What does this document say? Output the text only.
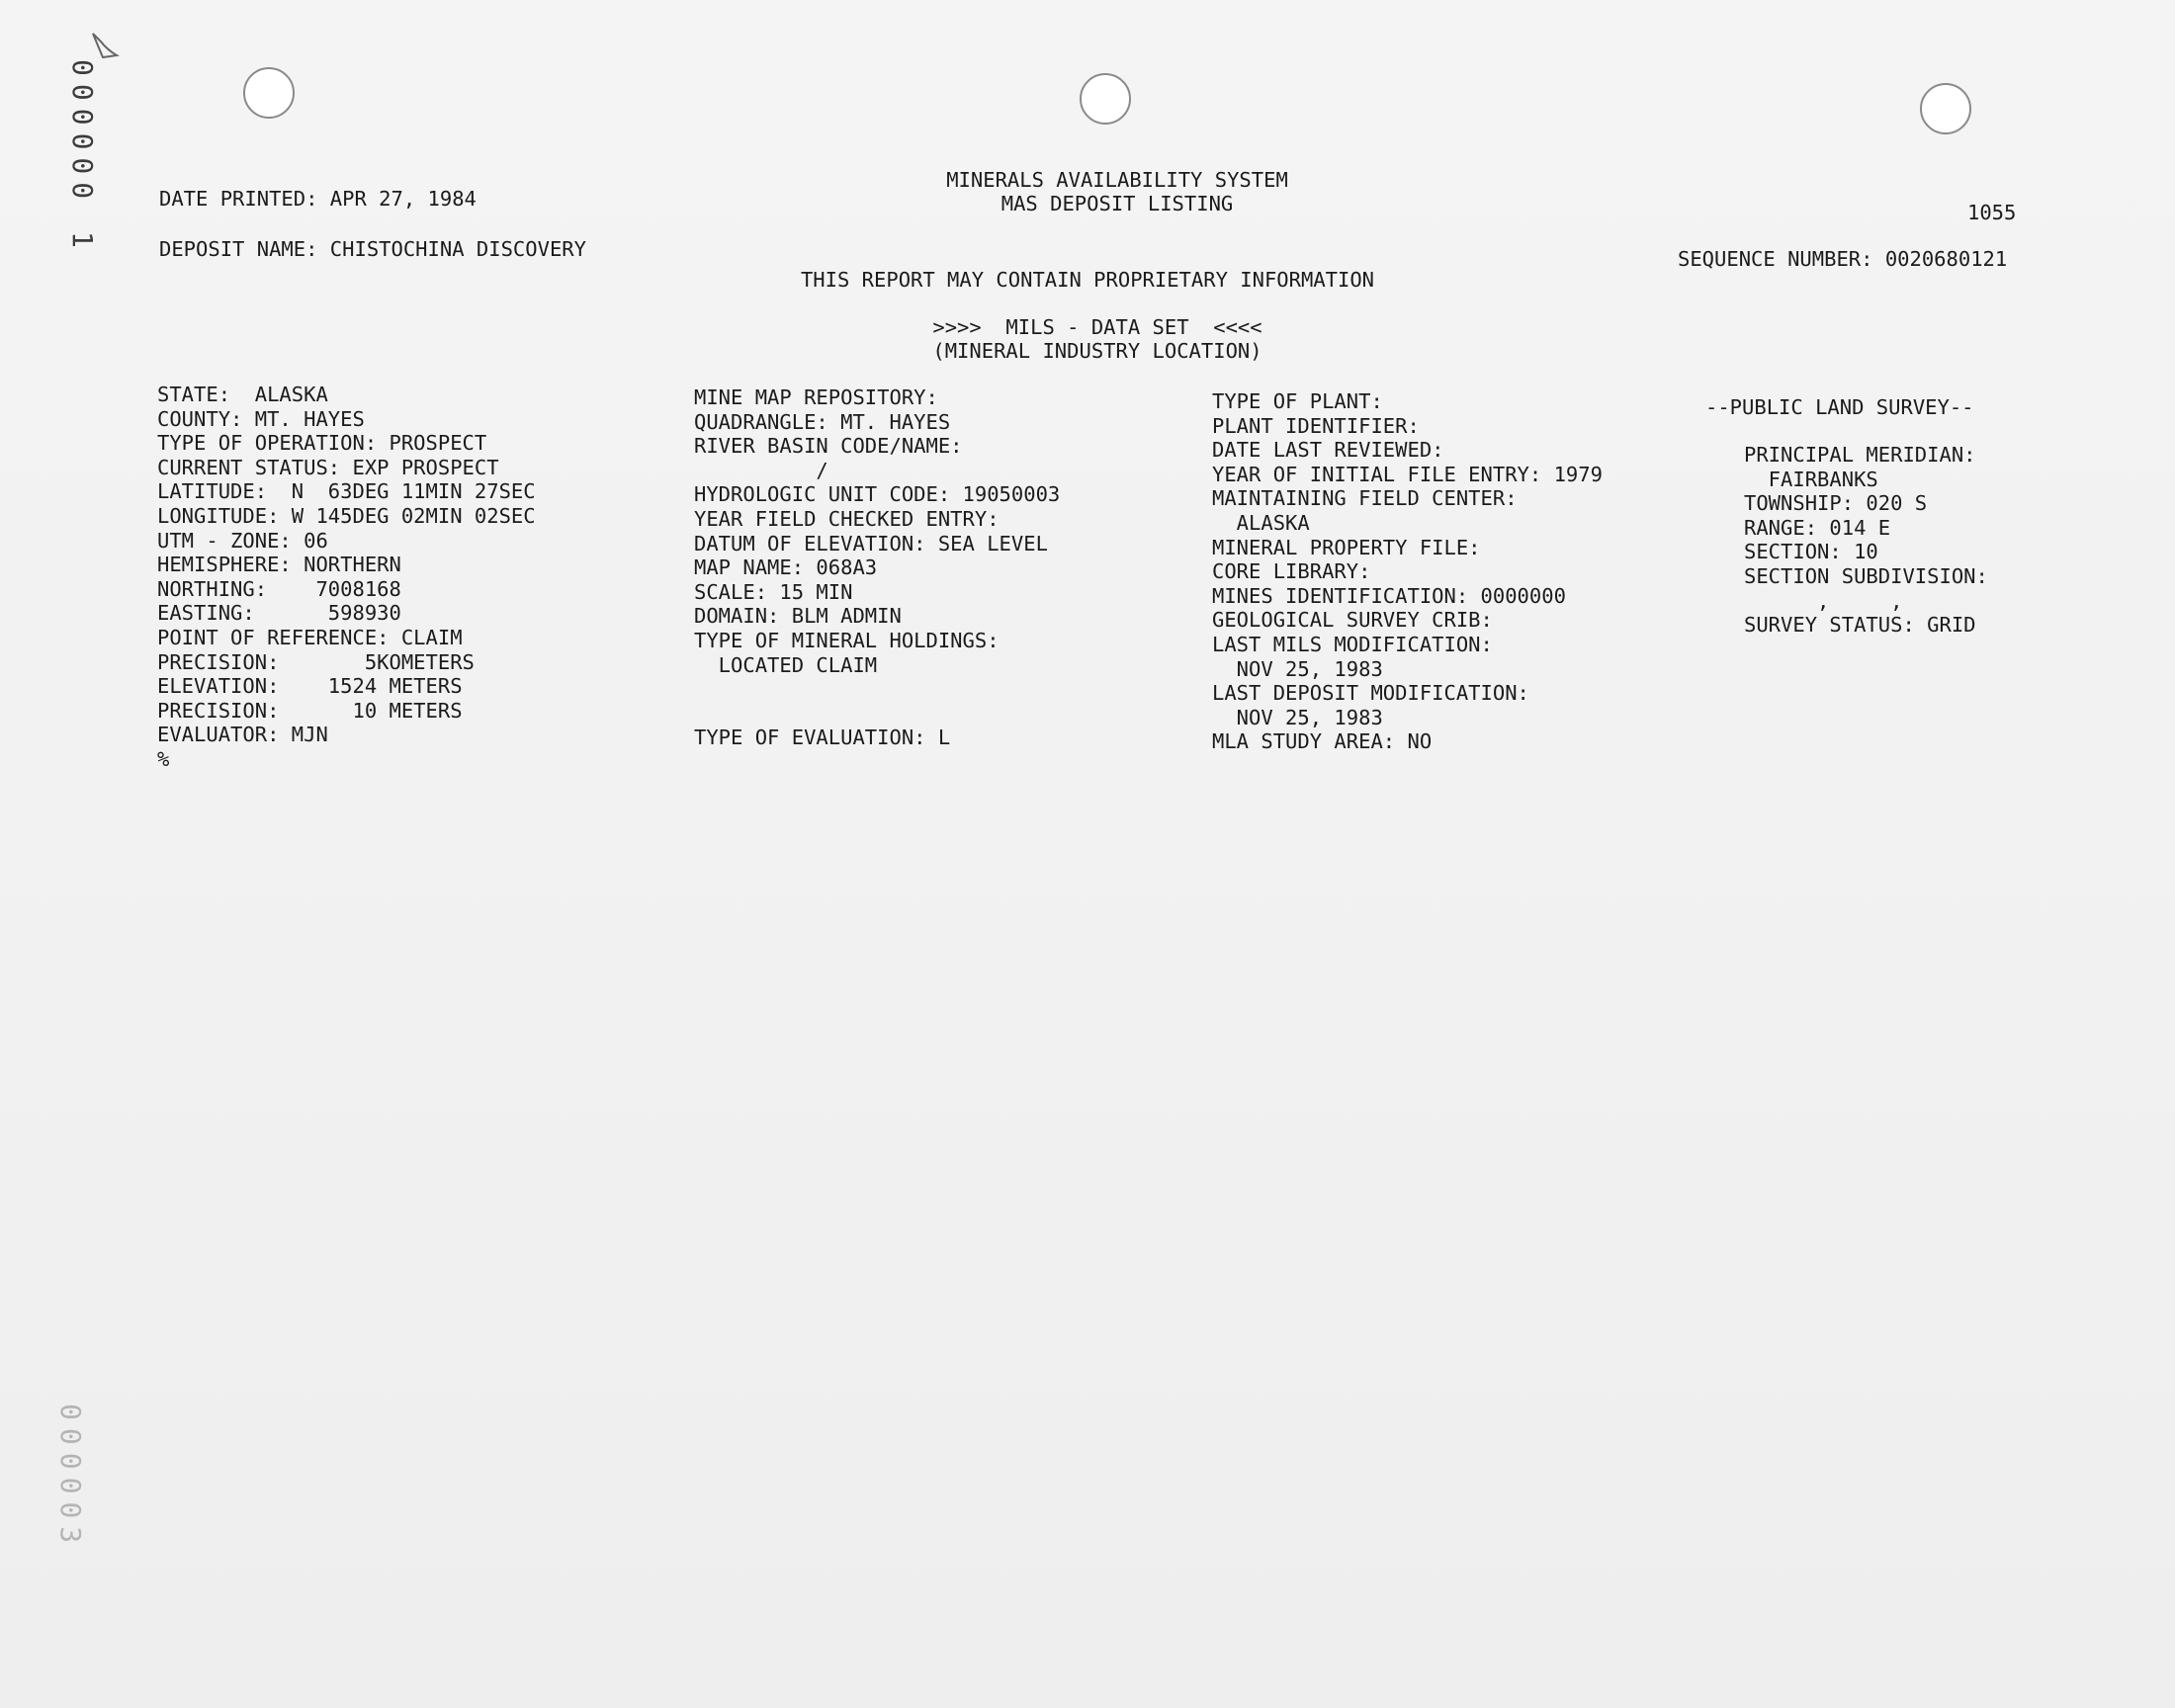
000000 1
000003
DATE PRINTED: APR 27, 1984
DEPOSIT NAME: CHISTOCHINA DISCOVERY
MINERALS AVAILABILITY SYSTEM
MAS DEPOSIT LISTING	1055
SEQUENCE NUMBER: 0020680121
THIS REPORT MAY CONTAIN PROPRIETARY INFORMATION
>>>>  MILS - DATA SET  <<<<
(MINERAL INDUSTRY LOCATION)
STATE:  ALASKA
COUNTY: MT. HAYES
TYPE OF OPERATION: PROSPECT
CURRENT STATUS: EXP PROSPECT
LATITUDE:  N  63DEG 11MIN 27SEC
LONGITUDE: W 145DEG 02MIN 02SEC
UTM - ZONE: 06
HEMISPHERE: NORTHERN
NORTHING:    7008168
EASTING:      598930
POINT OF REFERENCE: CLAIM
PRECISION:       5KOMETERS
ELEVATION:    1524 METERS
PRECISION:      10 METERS
EVALUATOR: MJN
%
MINE MAP REPOSITORY:
QUADRANGLE: MT. HAYES
RIVER BASIN CODE/NAME:
/
HYDROLOGIC UNIT CODE: 19050003
YEAR FIELD CHECKED ENTRY:
DATUM OF ELEVATION: SEA LEVEL
MAP NAME: 068A3
SCALE: 15 MIN
DOMAIN: BLM ADMIN
TYPE OF MINERAL HOLDINGS:
LOCATED CLAIM
TYPE OF EVALUATION: L
TYPE OF PLANT:
PLANT IDENTIFIER:
DATE LAST REVIEWED:
YEAR OF INITIAL FILE ENTRY: 1979
MAINTAINING FIELD CENTER:
ALASKA
MINERAL PROPERTY FILE:
CORE LIBRARY:
MINES IDENTIFICATION: 0000000
GEOLOGICAL SURVEY CRIB:
LAST MILS MODIFICATION:
NOV 25, 1983
LAST DEPOSIT MODIFICATION:
NOV 25, 1983
MLA STUDY AREA: NO
--PUBLIC LAND SURVEY--
PRINCIPAL MERIDIAN:
FAIRBANKS
TOWNSHIP: 020 S
RANGE: 014 E
SECTION: 10
SECTION SUBDIVISION:
,     ,
SURVEY STATUS: GRID
